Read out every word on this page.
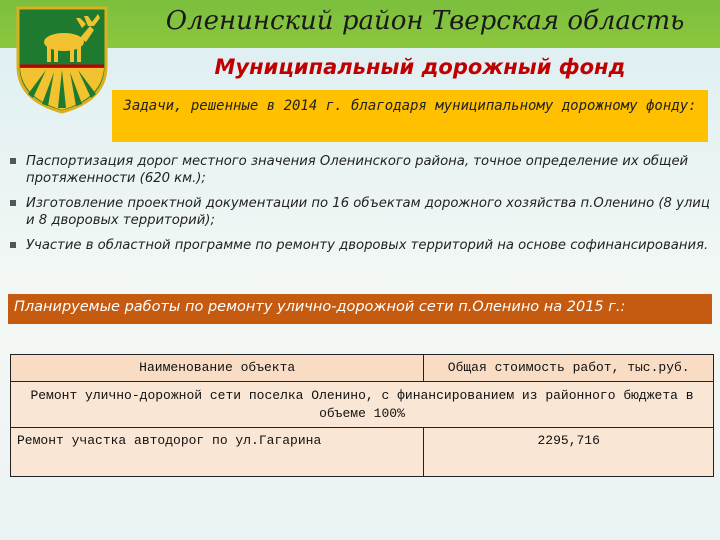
Оленинский район Тверская область
Муниципальный дорожный фонд
Задачи, решенные в 2014 г. благодаря муниципальному дорожному фонду:
Паспортизация дорог местного значения Оленинского района, точное определение их общей протяженности (620 км.);
Изготовление проектной документации по 16 объектам дорожного хозяйства п.Оленино (8 улиц и 8 дворовых территорий);
Участие в областной программе по ремонту дворовых территорий на основе софинансирования.
Планируемые работы по ремонту улично-дорожной сети п.Оленино на 2015 г.:
Наименование объекта	Общая стоимость работ, тыс.руб.
Ремонт улично-дорожной сети поселка Оленино, с финансированием из районного бюджета в объеме 100%	
Ремонт участка автодорог по ул.Гагарина	2295,716
